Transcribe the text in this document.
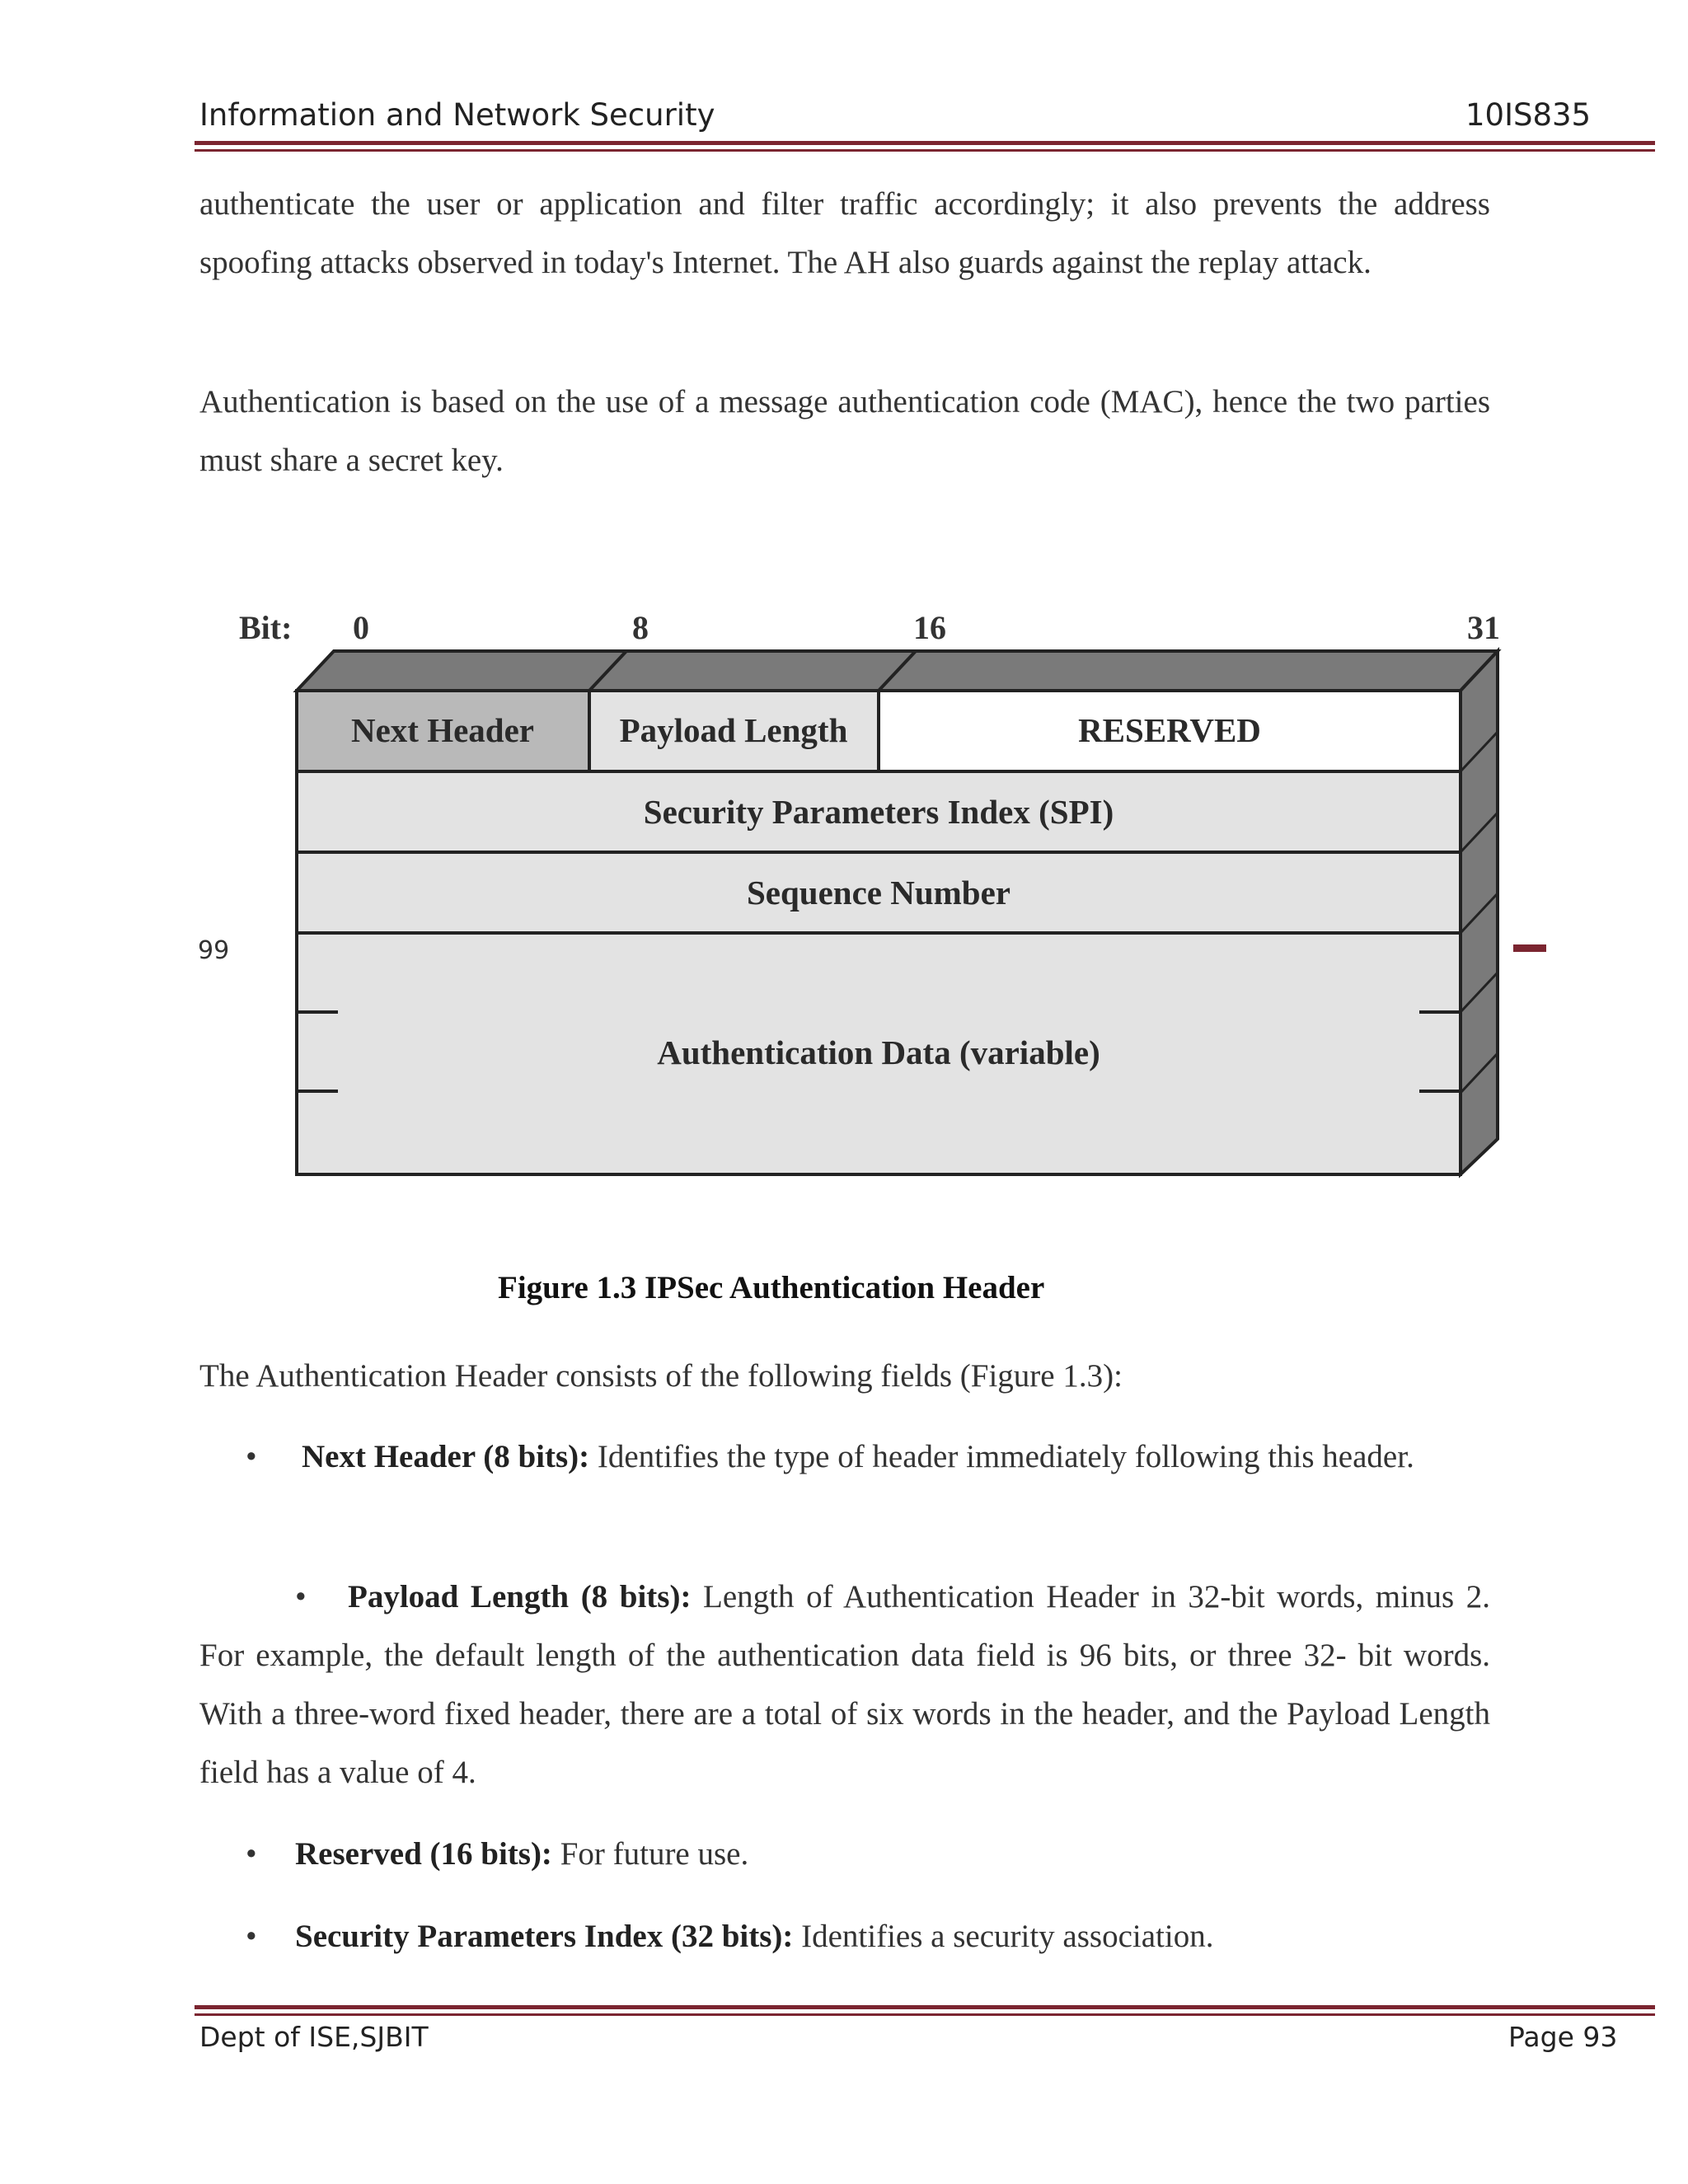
Information and Network Security	10IS835
authenticate the user or application and filter traffic accordingly; it also prevents the address spoofing attacks observed in today's Internet. The AH also guards against the replay attack.
Authentication is based on the use of a message authentication code (MAC), hence the two parties must share a secret key.
Bit: 0	8	16	31
Next Header	Payload Length	RESERVED
Security Parameters Index (SPI)
Sequence Number
Authentication Data (variable)
99
Figure 1.3 IPSec Authentication Header
The Authentication Header consists of the following fields (Figure 1.3):
•	Next Header (8 bits): Identifies the type of header immediately following this header.
•	Payload Length (8 bits): Length of Authentication Header in 32-bit words, minus 2. For example, the default length of the authentication data field is 96 bits, or three 32- bit words. With a three-word fixed header, there are a total of six words in the header, and the Payload Length field has a value of 4.
• Reserved (16 bits): For future use.
• Security Parameters Index (32 bits): Identifies a security association.
Dept of ISE,SJBIT	Page 93
